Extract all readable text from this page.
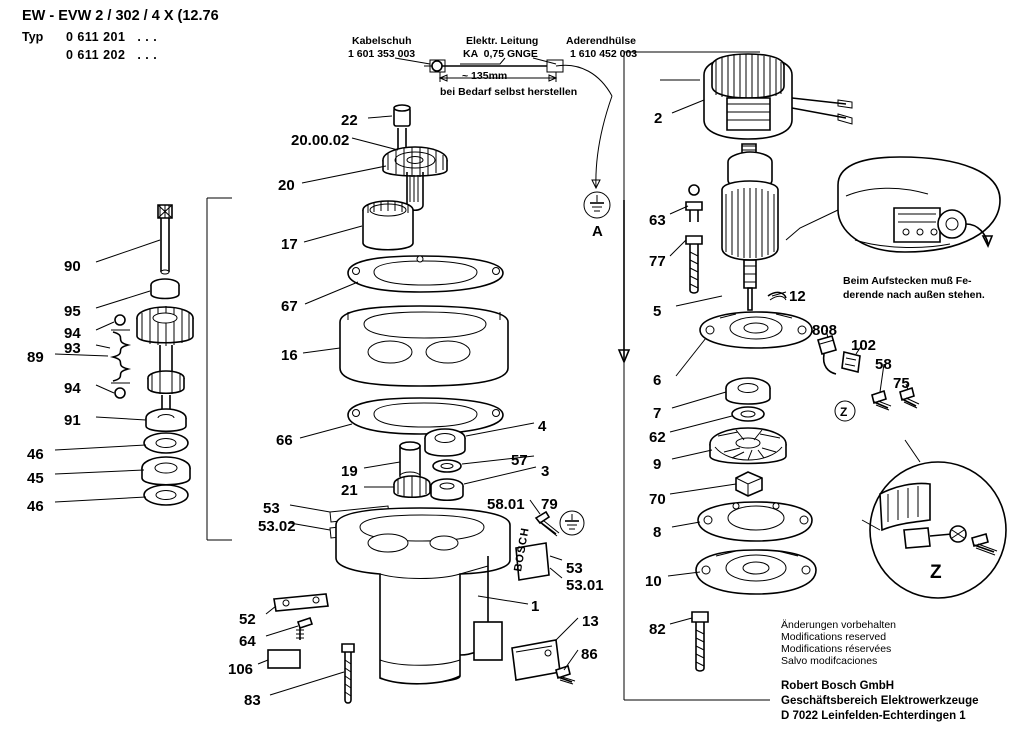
EW - EVW 2 / 302 / 4 X (12.76
Typ 0 611 201   . . .
0 611 202   . . .
Kabelschuh
1 601 353 003
Elektr. Leitung
KA  0,75 GNGE
Aderendhülse
1 610 452 003
~ 135mm
bei Bedarf selbst herstellen
Beim Aufstecken muß Fe-
derende nach außen stehen.
Änderungen vorbehalten
Modifications reserved
Modifications réservées
Salvo modifcaciones
Robert Bosch GmbH
Geschäftsbereich Elektrowerkzeuge
D 7022 Leinfelden-Echterdingen 1
A
BOSCH
Z
Z
22
20.00.02
20
17
67
16
66
90
95
94
89
93
94
91
46
45
46
19
21
53
53.02
4
57
3
58.01 79
53
53.01
52
64
106
83
1
13
86
2
63
77
12
5
6
7
62
9
70
8
10
82
808
102
58
75
